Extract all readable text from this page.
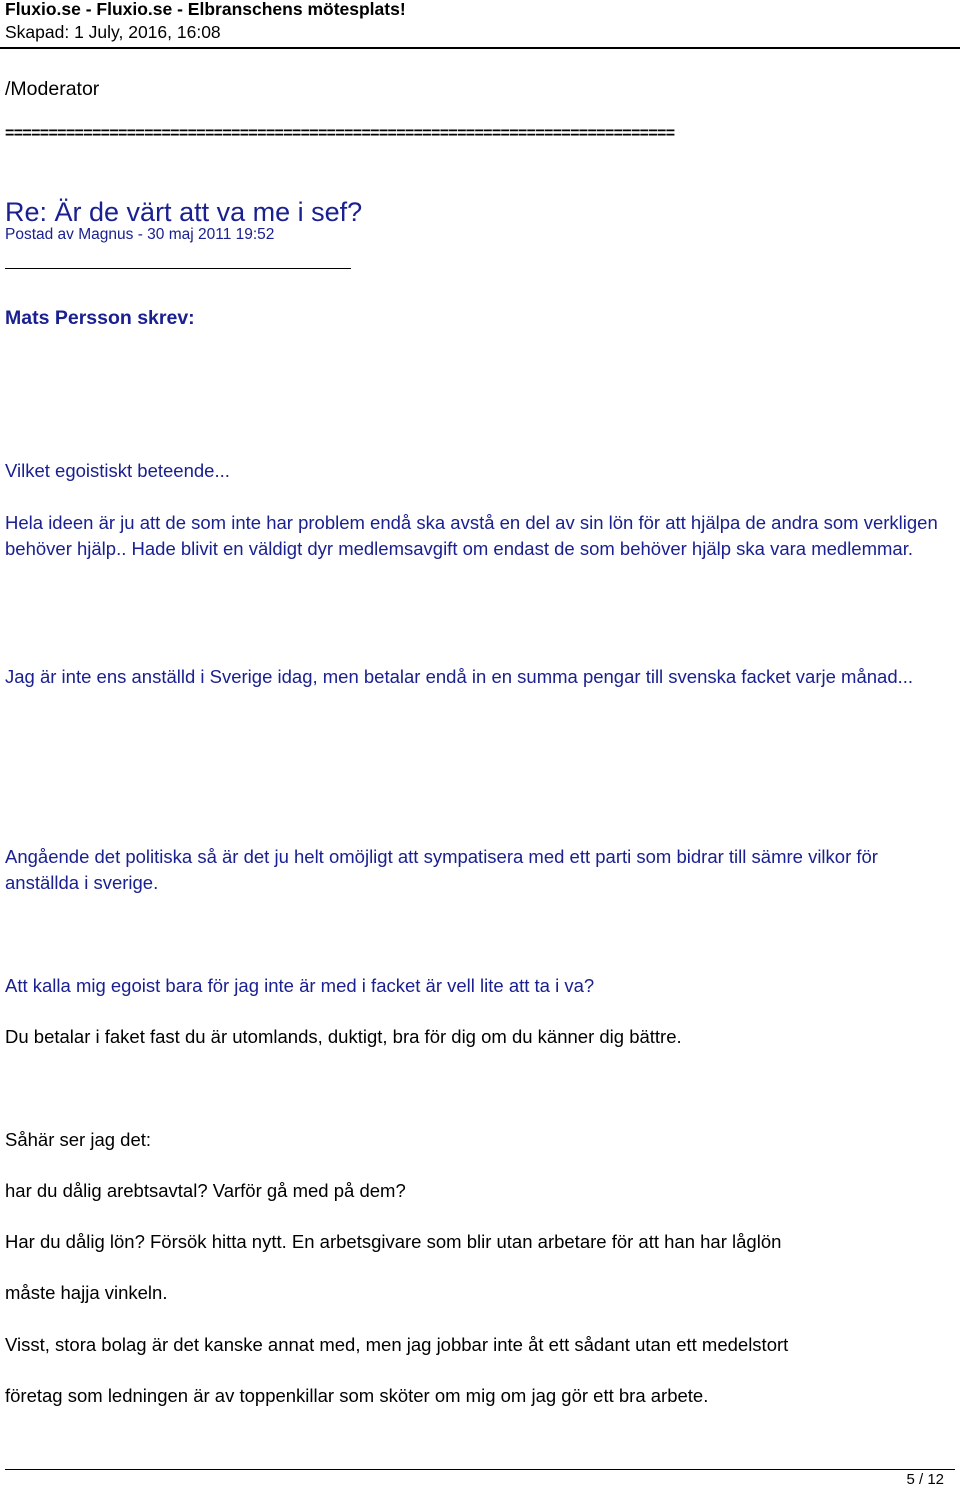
Fluxio.se - Fluxio.se - Elbranschens mötesplats!
Skapad: 1 July, 2016, 16:08
/Moderator
=============================================================================
Re: Är de värt att va me i sef?
Postad av Magnus - 30 maj 2011 19:52
Mats Persson skrev:

Vilket egoistiskt beteende...

Hela ideen är ju att de som inte har problem endå ska avstå en del av sin lön för att hjälpa de andra som verkligen behöver hjälp.. Hade blivit en väldigt dyr medlemsavgift om endast de som behöver hjälp ska vara medlemmar.

Jag är inte ens anställd i Sverige idag, men betalar endå in en summa pengar till svenska facket varje månad...

Angående det politiska så är det ju helt omöjligt att sympatisera med ett parti som bidrar till sämre vilkor för anställda i sverige.

Att kalla mig egoist bara för jag inte är med i facket är vell lite att ta i va?

Du betalar i faket fast du är utomlands, duktigt, bra för dig om du känner dig bättre.

Såhär ser jag det:

har du dålig arebtsavtal? Varför gå med på dem?

Har du dålig lön? Försök hitta nytt. En arbetsgivare som blir utan arbetare för att han har låglön

måste hajja vinkeln.

Visst, stora bolag är det kanske annat med, men jag jobbar inte åt ett sådant utan ett medelstort

företag som ledningen är av toppenkillar som sköter om mig om jag gör ett bra arbete.

5 / 12
